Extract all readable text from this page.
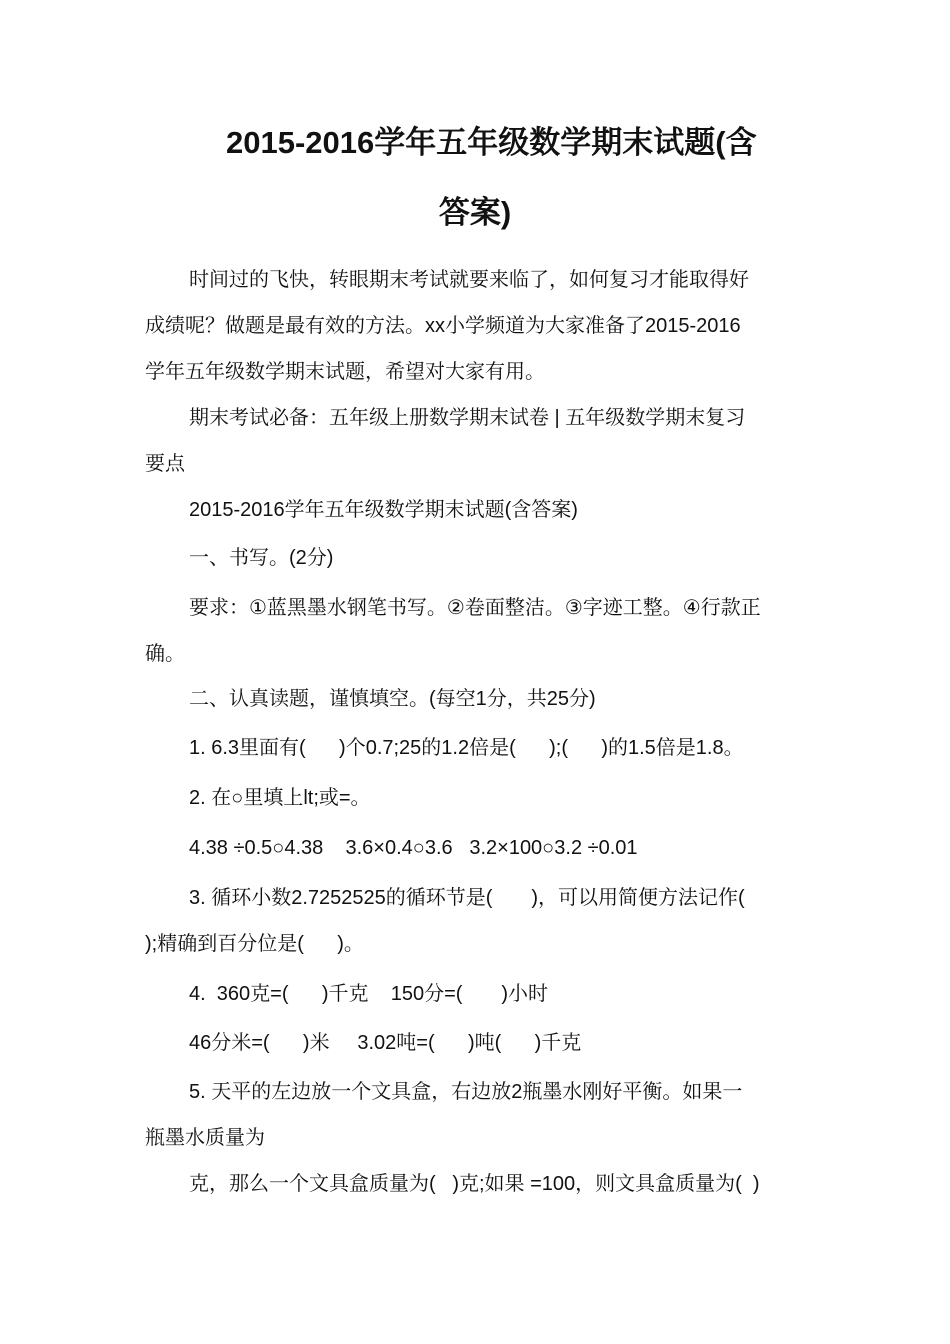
2015-2016学年五年级数学期末试题(含
答案)
时间过的飞快，转眼期末考试就要来临了，如何复习才能取得好
成绩呢？做题是最有效的方法。xx小学频道为大家准备了2015-2016
学年五年级数学期末试题，希望对大家有用。
期末考试必备：五年级上册数学期末试卷 | 五年级数学期末复习
要点
2015-2016学年五年级数学期末试题(含答案)
一、书写。(2分)
要求：①蓝黑墨水钢笔书写。②卷面整洁。③字迹工整。④行款正
确。
二、认真读题，谨慎填空。(每空1分，共25分)
1. 6.3里面有(      )个0.7;25的1.2倍是(      );(      )的1.5倍是1.8。
2. 在○里填上lt;或=。
4.38 ÷0.5○4.38    3.6×0.4○3.6   3.2×100○3.2 ÷0.01
3. 循环小数2.7252525的循环节是(       )，可以用简便方法记作(
);精确到百分位是(      )。
4.  360克=(      )千克    150分=(       )小时
46分米=(      )米     3.02吨=(      )吨(      )千克
5. 天平的左边放一个文具盒，右边放2瓶墨水刚好平衡。如果一
瓶墨水质量为
克，那么一个文具盒质量为(   )克;如果 =100，则文具盒质量为(  )
